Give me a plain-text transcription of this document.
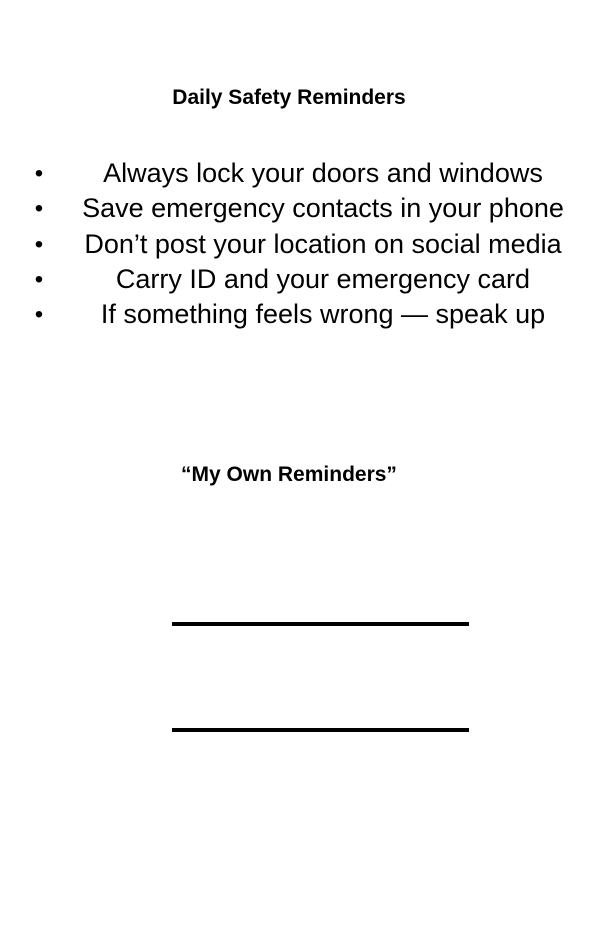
Daily Safety Reminders
•	Always lock your doors and windows
•	Save emergency contacts in your phone
•	Don’t post your location on social media
•	Carry ID and your emergency card
•	If something feels wrong — speak up
“My Own Reminders”
